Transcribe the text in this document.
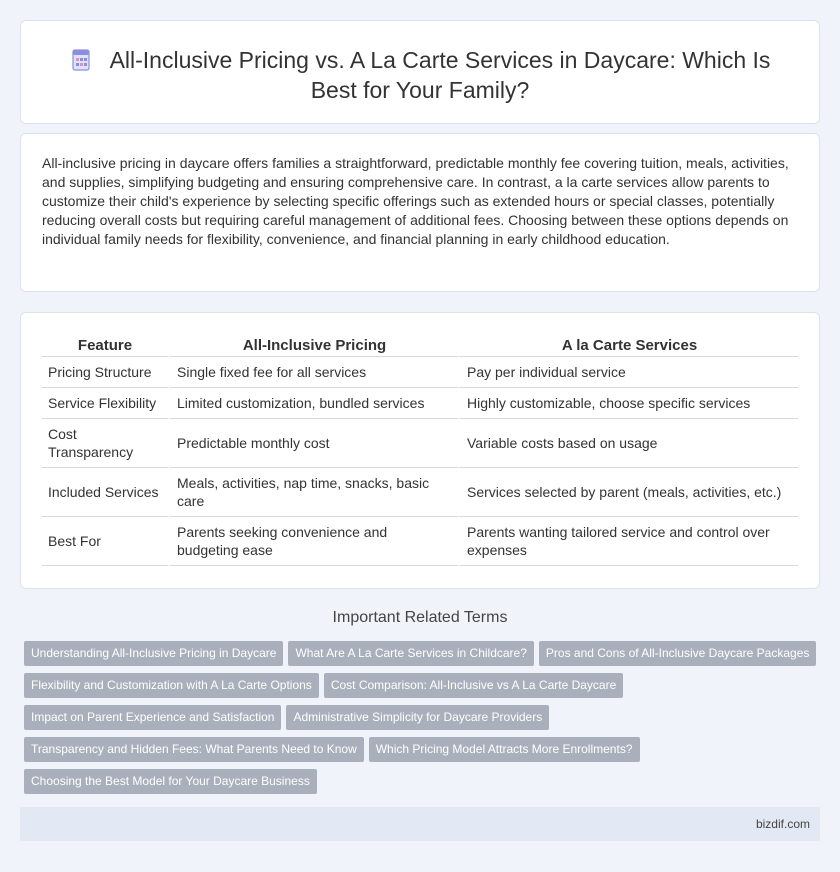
All-Inclusive Pricing vs. A La Carte Services in Daycare: Which Is Best for Your Family?

All-inclusive pricing in daycare offers families a straightforward, predictable monthly fee covering tuition, meals, activities, and supplies, simplifying budgeting and ensuring comprehensive care. In contrast, a la carte services allow parents to customize their child's experience by selecting specific offerings such as extended hours or special classes, potentially reducing overall costs but requiring careful management of additional fees. Choosing between these options depends on individual family needs for flexibility, convenience, and financial planning in early childhood education.

Feature	All-Inclusive Pricing	A la Carte Services
Pricing Structure	Single fixed fee for all services	Pay per individual service
Service Flexibility	Limited customization, bundled services	Highly customizable, choose specific services
Cost Transparency	Predictable monthly cost	Variable costs based on usage
Included Services	Meals, activities, nap time, snacks, basic care	Services selected by parent (meals, activities, etc.)
Best For	Parents seeking convenience and budgeting ease	Parents wanting tailored service and control over expenses
Important Related Terms
Understanding All-Inclusive Pricing in Daycare What Are A La Carte Services in Childcare? Pros and Cons of All-Inclusive Daycare Packages
Flexibility and Customization with A La Carte Options Cost Comparison: All-Inclusive vs A La Carte Daycare
Impact on Parent Experience and Satisfaction Administrative Simplicity for Daycare Providers
Transparency and Hidden Fees: What Parents Need to Know Which Pricing Model Attracts More Enrollments?
Choosing the Best Model for Your Daycare Business
bizdif.com
